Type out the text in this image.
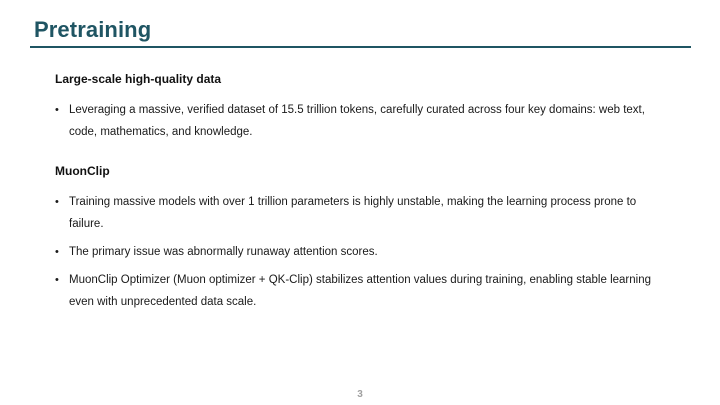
Pretraining
Large-scale high-quality data
• Leveraging a massive, verified dataset of 15.5 trillion tokens, carefully curated across four key domains: web text, code, mathematics, and knowledge.
MuonClip
• Training massive models with over 1 trillion parameters is highly unstable, making the learning process prone to failure.
• The primary issue was abnormally runaway attention scores.
• MuonClip Optimizer (Muon optimizer + QK-Clip) stabilizes attention values during training, enabling stable learning even with unprecedented data scale.
3
